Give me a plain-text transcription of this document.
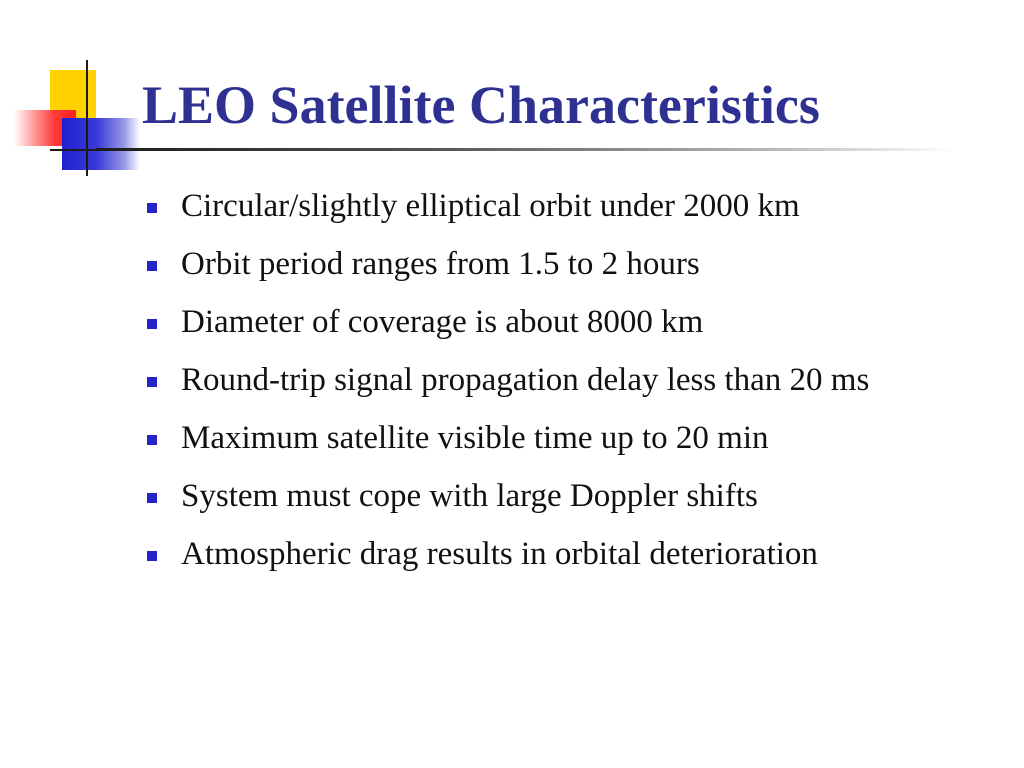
LEO Satellite Characteristics
Circular/slightly elliptical orbit under 2000 km
Orbit period ranges from 1.5 to 2 hours
Diameter of coverage is about 8000 km
Round-trip signal propagation delay less than 20 ms
Maximum satellite visible time up to 20 min
System must cope with large Doppler shifts
Atmospheric drag results in orbital deterioration
